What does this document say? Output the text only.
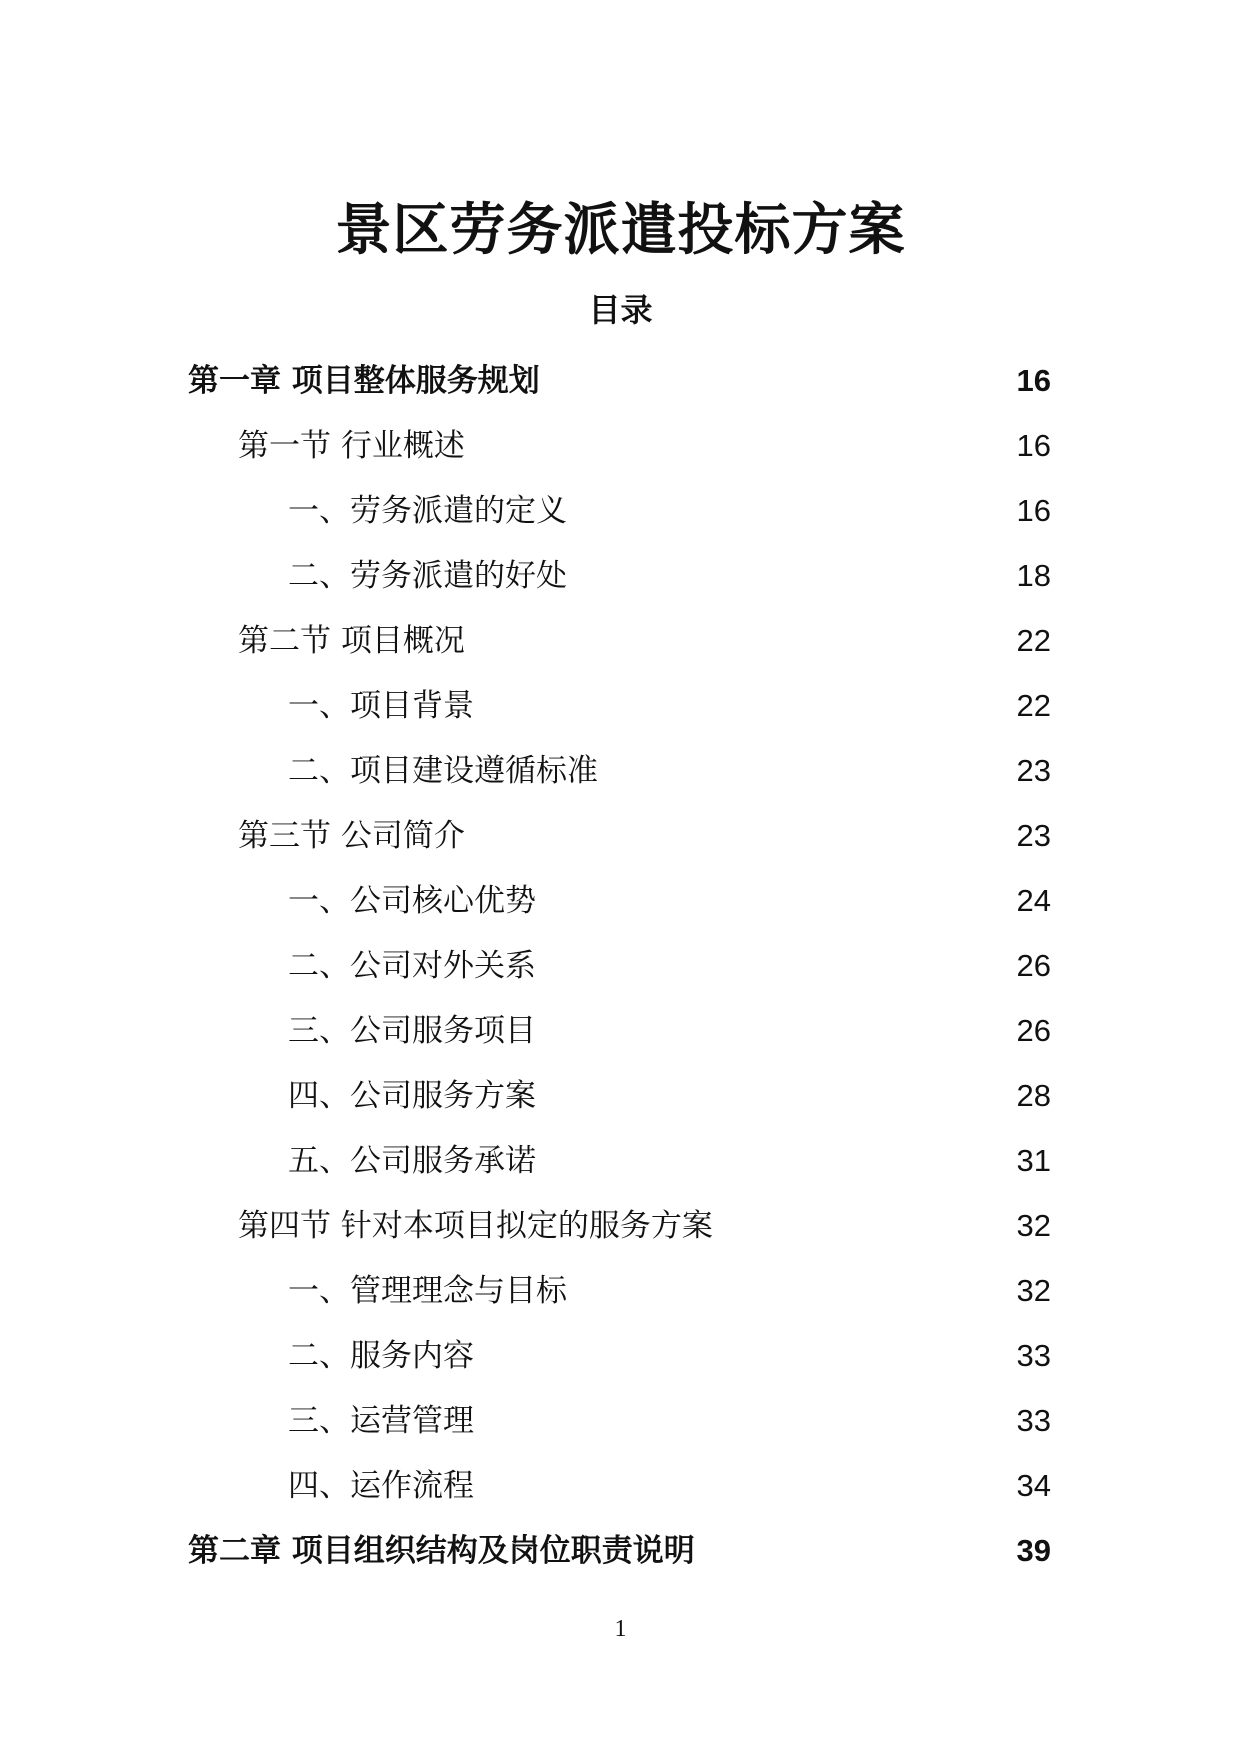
景区劳务派遣投标方案
目录
第一章 项目整体服务规划	16
第一节 行业概述	16
一、劳务派遣的定义	16
二、劳务派遣的好处	18
第二节 项目概况	22
一、项目背景	22
二、项目建设遵循标准	23
第三节 公司简介	23
一、公司核心优势	24
二、公司对外关系	26
三、公司服务项目	26
四、公司服务方案	28
五、公司服务承诺	31
第四节 针对本项目拟定的服务方案	32
一、管理理念与目标	32
二、服务内容	33
三、运营管理	33
四、运作流程	34
第二章 项目组织结构及岗位职责说明	39
1
